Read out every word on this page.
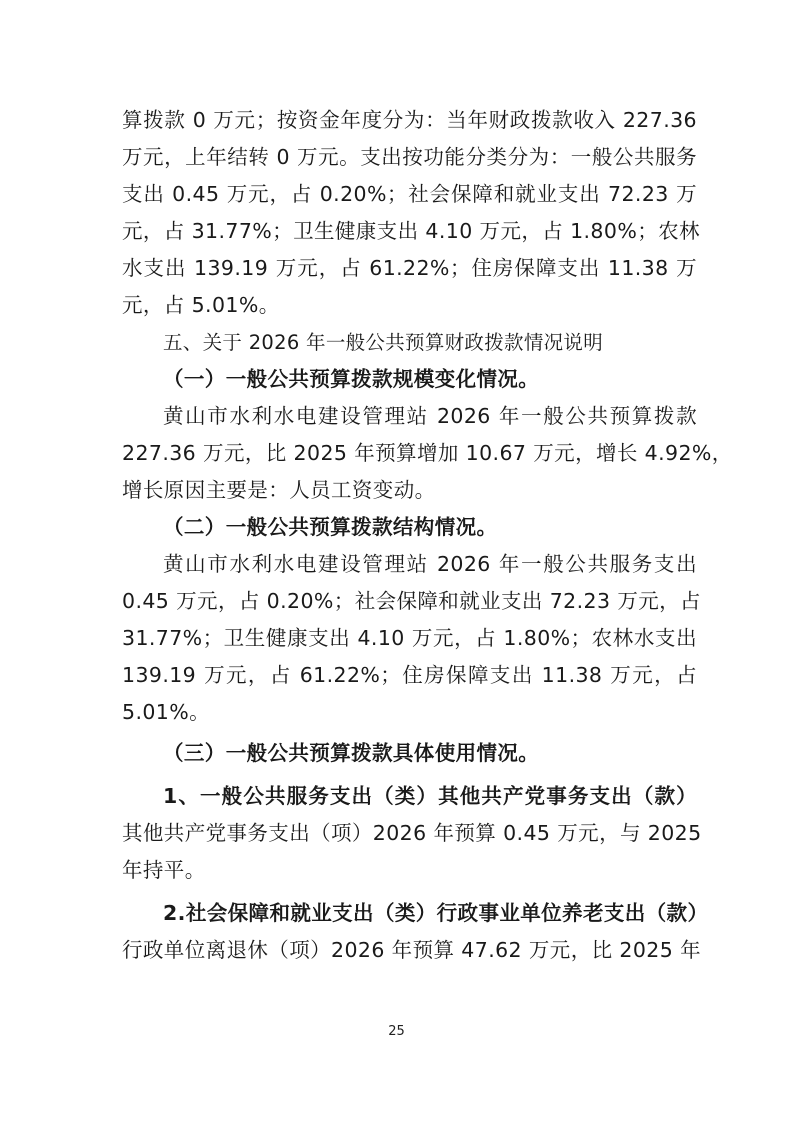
算拨款 0 万元；按资金年度分为：当年财政拨款收入 227.36
万元，上年结转 0 万元。支出按功能分类分为：一般公共服务
支出 0.45 万元，占 0.20%；社会保障和就业支出 72.23 万
元，占 31.77%；卫生健康支出 4.10 万元，占 1.80%；农林
水支出 139.19 万元，占 61.22%；住房保障支出 11.38 万
元，占 5.01%。
五、关于 2026 年一般公共预算财政拨款情况说明
（一）一般公共预算拨款规模变化情况。
黄山市水利水电建设管理站 2026 年一般公共预算拨款
227.36 万元，比 2025 年预算增加 10.67 万元，增长 4.92%，
增长原因主要是：人员工资变动。
（二）一般公共预算拨款结构情况。
黄山市水利水电建设管理站 2026 年一般公共服务支出
0.45 万元，占 0.20%；社会保障和就业支出 72.23 万元，占
31.77%；卫生健康支出 4.10 万元，占 1.80%；农林水支出
139.19 万元，占 61.22%；住房保障支出 11.38 万元，占
5.01%。
（三）一般公共预算拨款具体使用情况。
1、一般公共服务支出（类）其他共产党事务支出（款）
其他共产党事务支出（项）2026 年预算 0.45 万元，与 2025
年持平。
2.社会保障和就业支出（类）行政事业单位养老支出（款）
行政单位离退休（项）2026 年预算 47.62 万元，比 2025 年
25
